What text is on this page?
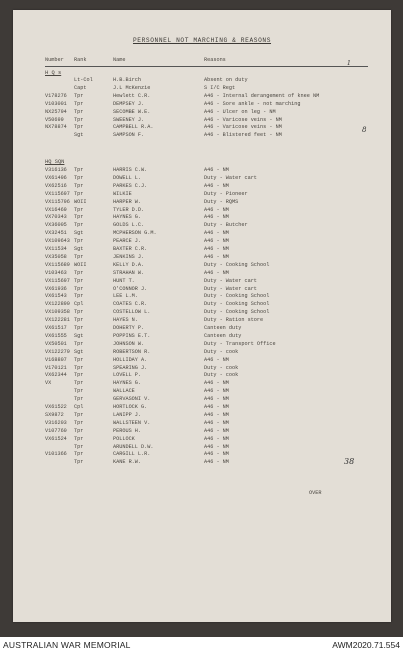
PERSONNEL NOT MARCHING & REASONS
Number Rank	Name	Reasons
H Q s
Lt-Col	H.B.Birch	Absent on duty
Capt	J.L McKenzie	S I/C Regt
V178276 Tpr	Hewlett C.R.	A46 - Internal derangement of knee NM
V103001 Tpr	DEMPSEY J.	A46 - Sore ankle - not marching
NX25794 Tpr	SECOMBE W.E.	A46 - Ulcer on leg - NM
V50699 Tpr	SWEENEY J.	A46 - Varicose veins - NM
NX78874 Tpr	CAMPBELL R.A.	A46 - Varicose veins - NM
Sgt	SAMPSON F.	A46 - Blistered feet - NM
HQ SQN
V316136 Tpr	HARRIS C.W.	A46 - NM
VX61496 Tpr	DOWELL L.	Duty - Water cart
VX62516 Tpr	PARKES C.J.	A46 - NM
VX115697 Tpr	WILKIE	Duty - Pioneer
VX115796 WOII	HARPER W.	Duty - RQMS
VX16469 Tpr	TYLER D.D.	A46 - NM
VX70343 Tpr	HAYNES G.	A46 - NM
VX36005 Tpr	GOLDS L.C.	Duty - Butcher
VX32451 Sgt	MCPHERSON G.M.	A46 - NM
VX109643 Tpr	PEARCE J.	A46 - NM
VX11534 Sgt	BAXTER C.R.	A46 - NM
VX35058 Tpr	JENKINS J.	A46 - NM
VX115689 WOII	KELLY D.A.	Duty - Cooking School
V103463 Tpr	STRAHAN W.	A46 - NM
VX115697 Tpr	HUNT T.	Duty - Water cart
VX61936 Tpr	O'CONNOR J.	Duty - Water cart
VX61543 Tpr	LEE L.M.	Duty - Cooking School
VX122890 Cpl	COATES C.R.	Duty - Cooking School
VX109358 Tpr	COSTELLOW L.	Duty - Cooking School
VX122281 Tpr	HAYES N.	Duty - Ration store
VX61517 Tpr	DOHERTY P.	Canteen duty
VX61555 Sgt	POPPINS E.T.	Canteen duty
VX50501 Tpr	JOHNSON W.	Duty - Transport Office
VX122279 Sgt	ROBERTSON R.	Duty - cook
V168807 Tpr	HOLLIDAY A.	A46 - NM
V170121 Tpr	SPEARING J.	Duty - cook
VX62344 Tpr	LOVELL P.	Duty - cook
VX	Tpr	HAYNES G.	A46 - NM
Tpr	WALLACE	A46 - NM
Tpr	GERVASONI V.	A46 - NM
VX61522 Cpl	HORTLOCK G.	A46 - NM
SX9872 Tpr	LANIPP J.	A46 - NM
V316203 Tpr	WALLSTEEN V.	A46 - NM
V107760 Tpr	PEROUS H.	A46 - NM
VX61524 Tpr	POLLOCK	A46 - NM
Tpr	ARUNDELL D.W.	A46 - NM
V101366 Tpr	CARGILL L.R.	A46 - NM
Tpr	KANE R.W.	A46 - NM
OVER
8
38
1
AUSTRALIAN WAR MEMORIAL	AWM2020.71.554
